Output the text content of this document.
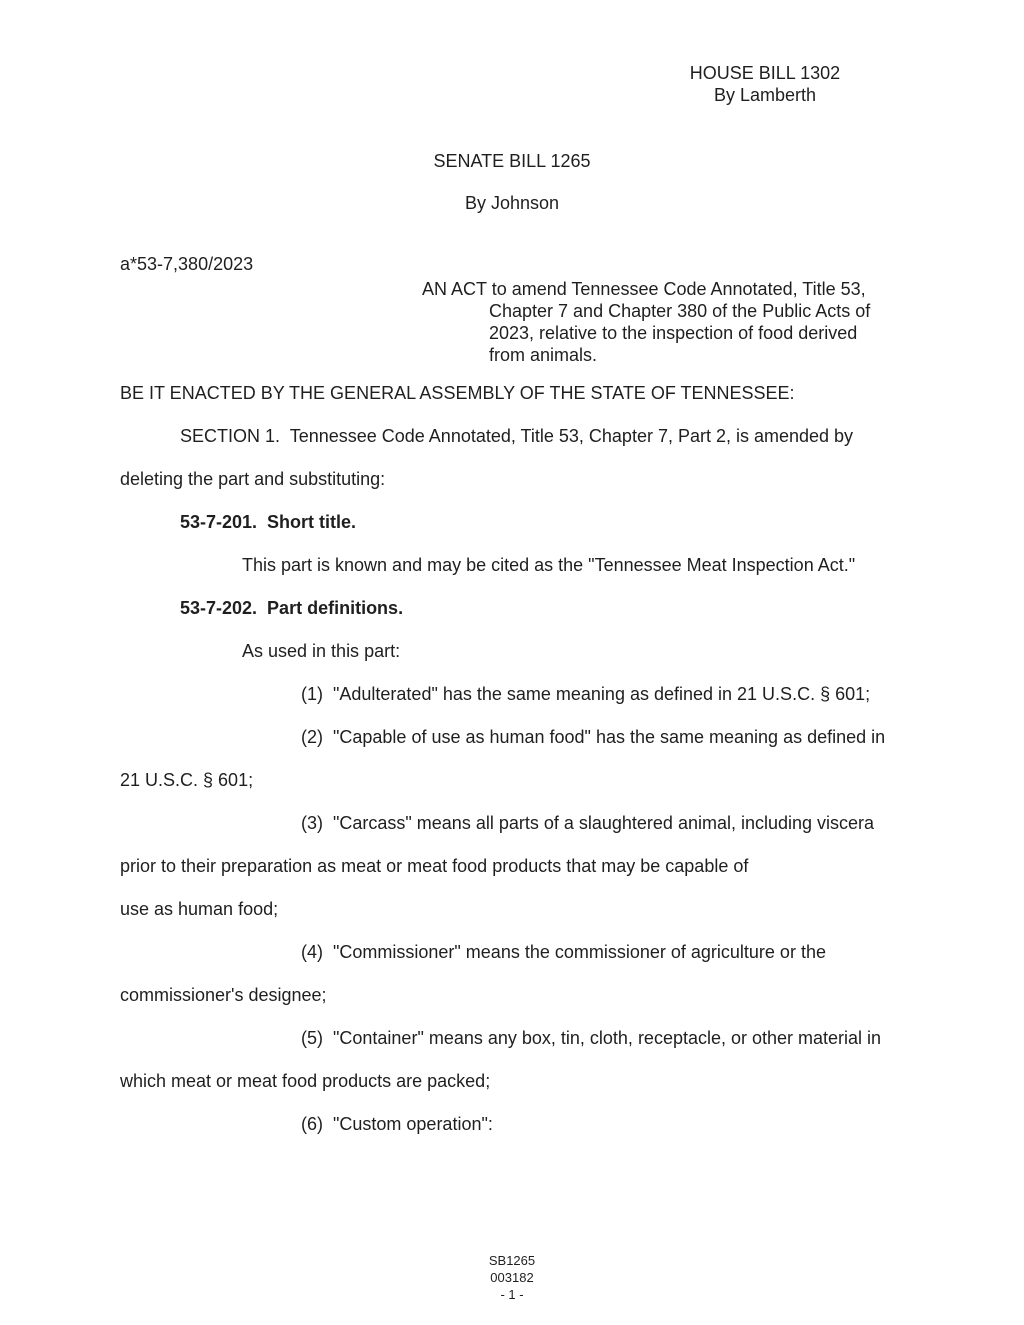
HOUSE BILL 1302
By Lamberth
SENATE BILL 1265
By Johnson
a*53-7,380/2023
AN ACT to amend Tennessee Code Annotated, Title 53,
Chapter 7 and Chapter 380 of the Public Acts of
2023, relative to the inspection of food derived
from animals.
BE IT ENACTED BY THE GENERAL ASSEMBLY OF THE STATE OF TENNESSEE:
SECTION 1.  Tennessee Code Annotated, Title 53, Chapter 7, Part 2, is amended by
deleting the part and substituting:
53-7-201.  Short title.
This part is known and may be cited as the "Tennessee Meat Inspection Act."
53-7-202.  Part definitions.
As used in this part:
(1)  "Adulterated" has the same meaning as defined in 21 U.S.C. § 601;
(2)  "Capable of use as human food" has the same meaning as defined in
21 U.S.C. § 601;
(3)  "Carcass" means all parts of a slaughtered animal, including viscera
prior to their preparation as meat or meat food products that may be capable of
use as human food;
(4)  "Commissioner" means the commissioner of agriculture or the
commissioner's designee;
(5)  "Container" means any box, tin, cloth, receptacle, or other material in
which meat or meat food products are packed;
(6)  "Custom operation":
SB1265
003182
- 1 -
